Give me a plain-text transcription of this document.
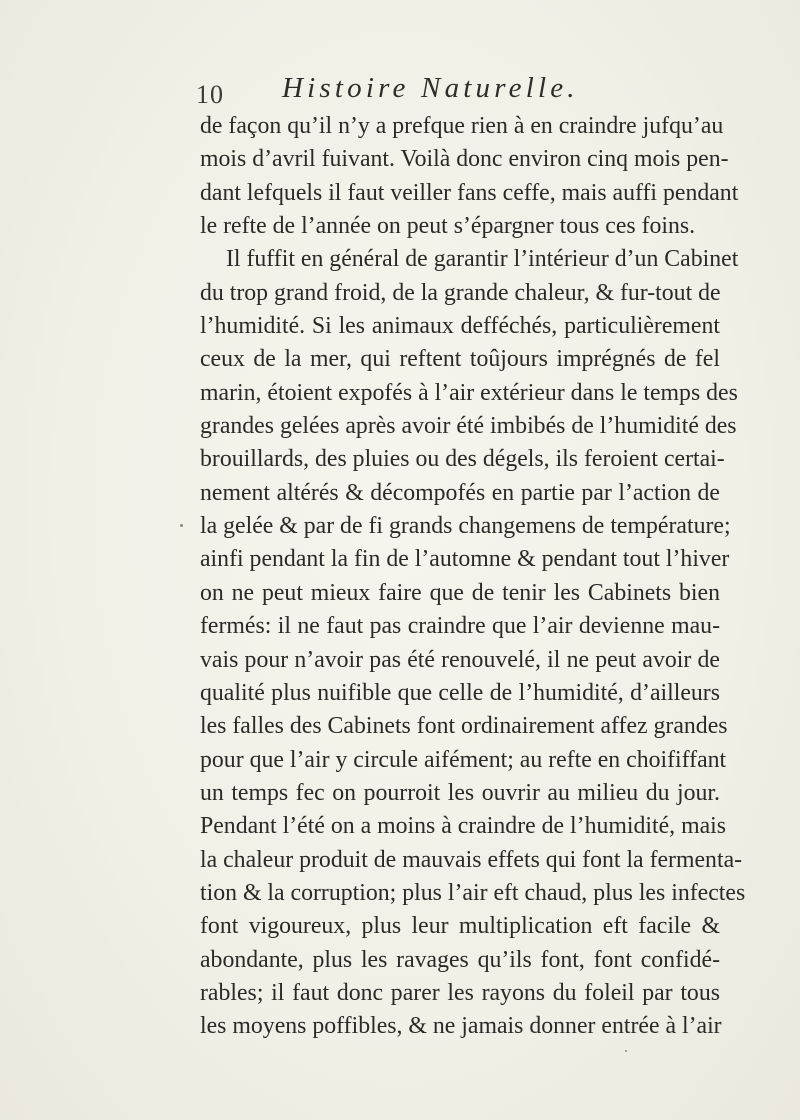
10 Histoire Naturelle.
de façon qu’il n’y a prefque rien à en craindre jufqu’au
mois d’avril fuivant. Voilà donc environ cinq mois pen-
dant lefquels il faut veiller fans ceffe, mais auffi pendant
le refte de l’année on peut s’épargner tous ces foins.
Il fuffit en général de garantir l’intérieur d’un Cabinet
du trop grand froid, de la grande chaleur, & fur-tout de
l’humidité. Si les animaux defféchés, particulièrement
ceux de la mer, qui reftent toûjours imprégnés de fel
marin, étoient expofés à l’air extérieur dans le temps des
grandes gelées après avoir été imbibés de l’humidité des
brouillards, des pluies ou des dégels, ils feroient certai-
nement altérés & décompofés en partie par l’action de
la gelée & par de fi grands changemens de température;
ainfi pendant la fin de l’automne & pendant tout l’hiver
on ne peut mieux faire que de tenir les Cabinets bien
fermés: il ne faut pas craindre que l’air devienne mau-
vais pour n’avoir pas été renouvelé, il ne peut avoir de
qualité plus nuifible que celle de l’humidité, d’ailleurs
les falles des Cabinets font ordinairement affez grandes
pour que l’air y circule aifément; au refte en choififfant
un temps fec on pourroit les ouvrir au milieu du jour.
Pendant l’été on a moins à craindre de l’humidité, mais
la chaleur produit de mauvais effets qui font la fermenta-
tion & la corruption; plus l’air eft chaud, plus les infectes
font vigoureux, plus leur multiplication eft facile &
abondante, plus les ravages qu’ils font, font confidé-
rables; il faut donc parer les rayons du foleil par tous
les moyens poffibles, & ne jamais donner entrée à l’air
